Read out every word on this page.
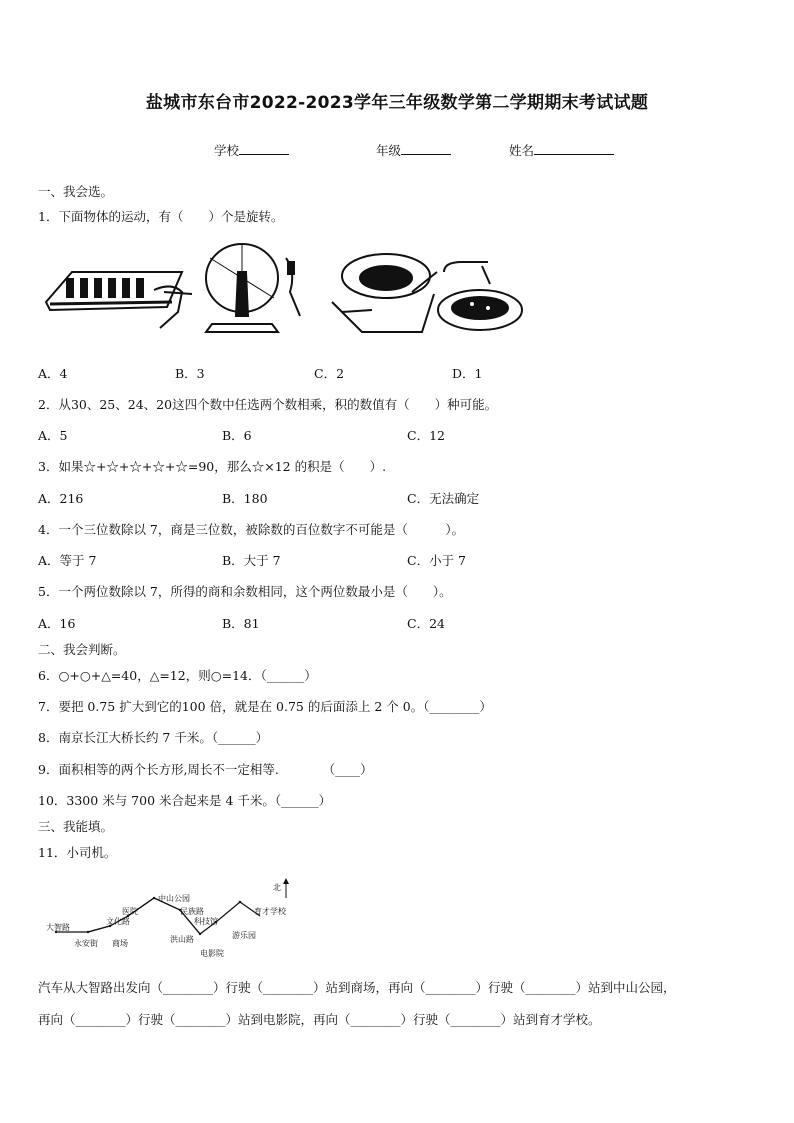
盐城市东台市2022-2023学年三年级数学第二学期期末考试试题
学校	年级	姓名
一、我会选。
1．下面物体的运动，有（　　）个是旋转。
A．4	B．3	C．2	D．1
2．从30、25、24、20这四个数中任选两个数相乘，积的数值有（　　）种可能。
A．5	B．6	C．12
3．如果☆+☆+☆+☆+☆=90，那么☆×12 的积是（　　）.
A．216	B．180	C．无法确定
4．一个三位数除以 7，商是三位数，被除数的百位数字不可能是（　　　）。
A．等于 7	B．大于 7	C．小于 7
5．一个两位数除以 7，所得的商和余数相同，这个两位数最小是（　　）。
A．16	B．81	C．24
二、我会判断。
6．○+○+△=40，△=12，则○=14．（______）
7．要把 0.75 扩大到它的100 倍，就是在 0.75 的后面添上 2 个 0。（________）
8．南京长江大桥长约 7 千米。（______）
9．面积相等的两个长方形,周长不一定相等.　　　　（____）
10．3300 米与 700 米合起来是 4 千米。（______）
三、我能填。
11．小司机。
北
大智路
永安街
文化路
医院
商场
中山公园
民族路
科技馆
洪山路
电影院
游乐园
育才学校
汽车从大智路出发向（________）行驶（________）站到商场，再向（________）行驶（________）站到中山公园，
再向（________）行驶（________）站到电影院，再向（________）行驶（________）站到育才学校。
